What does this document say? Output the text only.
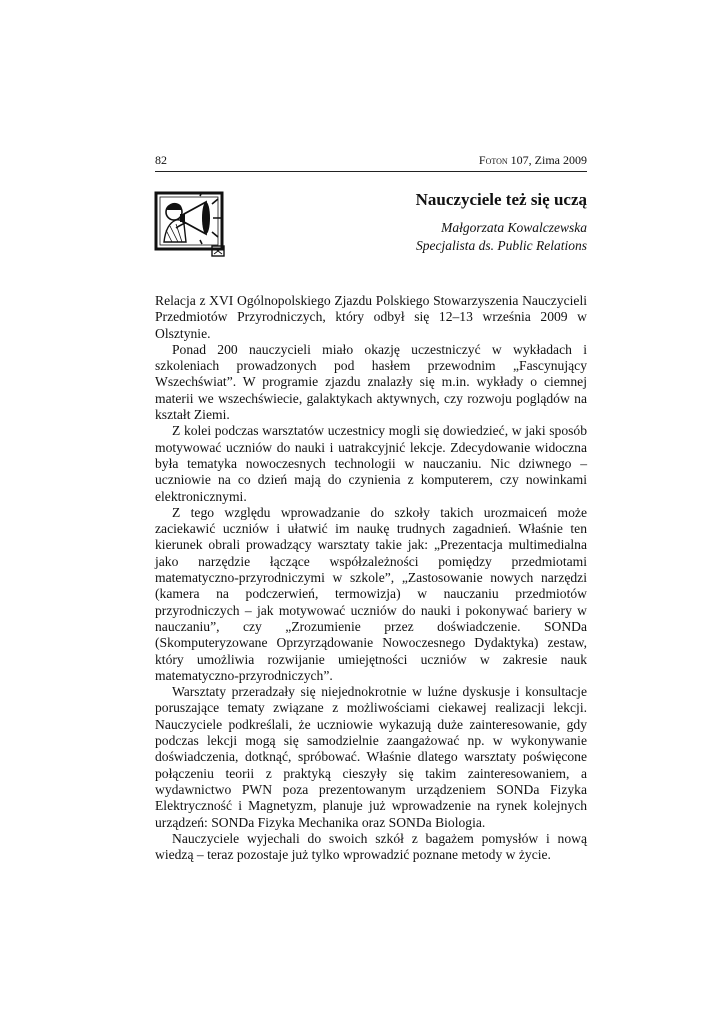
82	Foton 107, Zima 2009
Nauczyciele też się uczą
Małgorzata Kowalczewska
Specjalista ds. Public Relations

Relacja z XVI Ogólnopolskiego Zjazdu Polskiego Stowarzyszenia Nauczycieli Przedmiotów Przyrodniczych, który odbył się 12–13 września 2009 w Olsztynie.

Ponad 200 nauczycieli miało okazję uczestniczyć w wykładach i szkoleniach prowadzonych pod hasłem przewodnim „Fascynujący Wszechświat”. W programie zjazdu znalazły się m.in. wykłady o ciemnej materii we wszechświecie, galaktykach aktywnych, czy rozwoju poglądów na kształt Ziemi.

Z kolei podczas warsztatów uczestnicy mogli się dowiedzieć, w jaki sposób motywować uczniów do nauki i uatrakcyjnić lekcje. Zdecydowanie widoczna była tematyka nowoczesnych technologii w nauczaniu. Nic dziwnego – uczniowie na co dzień mają do czynienia z komputerem, czy nowinkami elektronicznymi.

Z tego względu wprowadzanie do szkoły takich urozmaiceń może zaciekawić uczniów i ułatwić im naukę trudnych zagadnień. Właśnie ten kierunek obrali prowadzący warsztaty takie jak: „Prezentacja multimedialna jako narzędzie łączące współzależności pomiędzy przedmiotami matematyczno-przyrodniczymi w szkole”, „Zastosowanie nowych narzędzi (kamera na podczerwień, termowizja) w nauczaniu przedmiotów przyrodniczych – jak motywować uczniów do nauki i pokonywać bariery w nauczaniu”, czy „Zrozumienie przez doświadczenie. SONDa (Skomputeryzowane Oprzyrządowanie Nowoczesnego Dydaktyka) zestaw, który umożliwia rozwijanie umiejętności uczniów w zakresie nauk matematyczno-przyrodniczych”.

Warsztaty przeradzały się niejednokrotnie w luźne dyskusje i konsultacje poruszające tematy związane z możliwościami ciekawej realizacji lekcji. Nauczyciele podkreślali, że uczniowie wykazują duże zainteresowanie, gdy podczas lekcji mogą się samodzielnie zaangażować np. w wykonywanie doświadczenia, dotknąć, spróbować. Właśnie dlatego warsztaty poświęcone połączeniu teorii z praktyką cieszyły się takim zainteresowaniem, a wydawnictwo PWN poza prezentowanym urządzeniem SONDa Fizyka Elektryczność i Magnetyzm, planuje już wprowadzenie na rynek kolejnych urządzeń: SONDa Fizyka Mechanika oraz SONDa Biologia.

Nauczyciele wyjechali do swoich szkół z bagażem pomysłów i nową wiedzą – teraz pozostaje już tylko wprowadzić poznane metody w życie.
